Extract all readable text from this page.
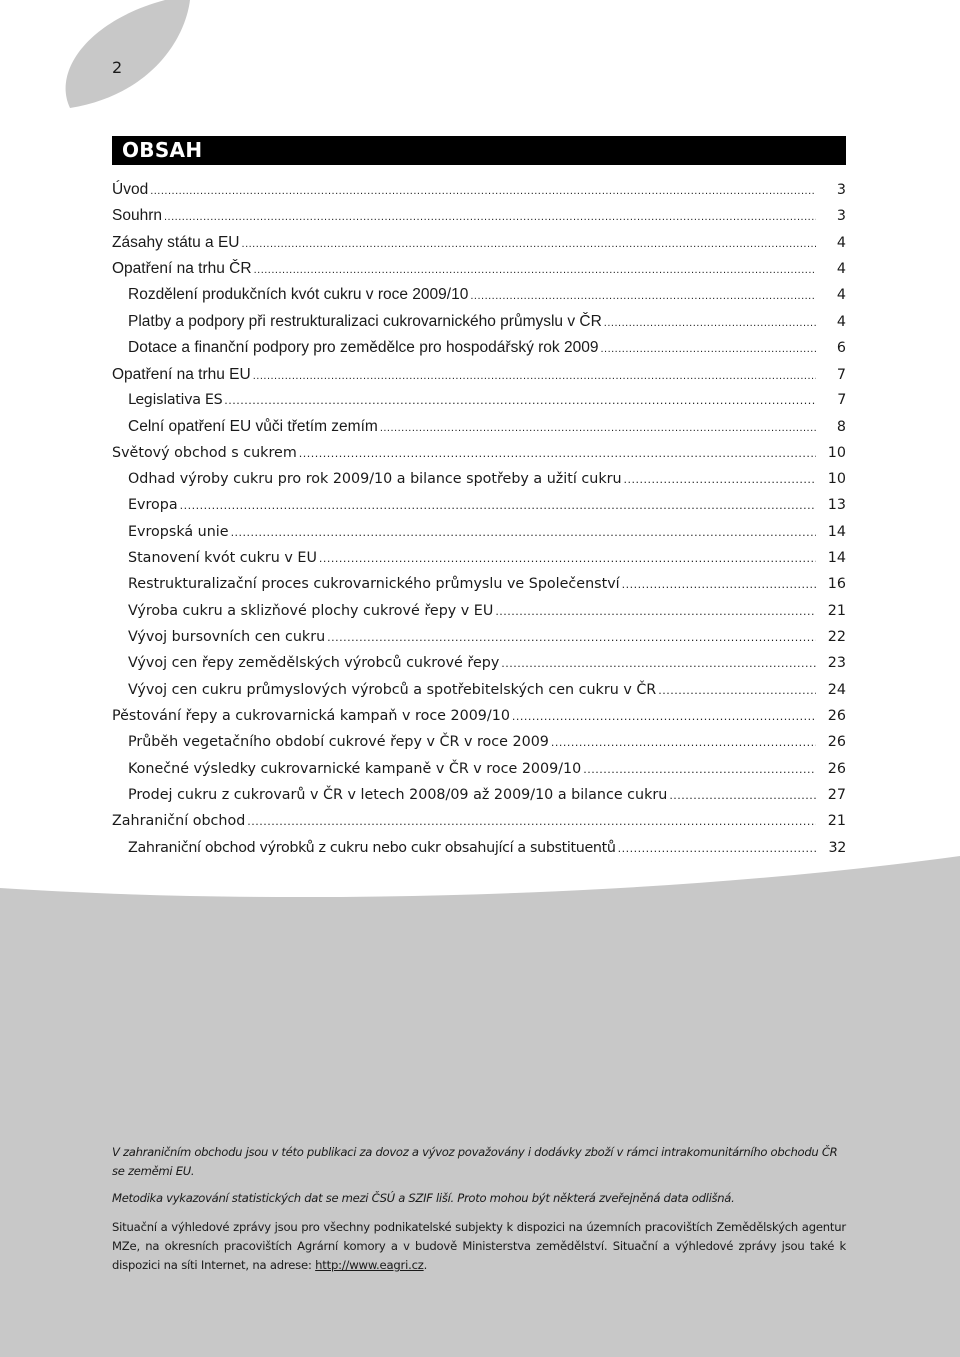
2
OBSAH
Úvod .....	3
Souhrn .....	3
Zásahy státu a EU .....	4
Opatření na trhu ČR .....	4
Rozdělení produkčních kvót cukru v roce 2009/10 .....	4
Platby a podpory při restrukturalizaci cukrovarnického průmyslu v ČR .....	4
Dotace a finanční podpory pro zemědělce pro hospodářský rok 2009 .....	6
Opatření na trhu EU .....	7
Legislativa ES .....	7
Celní opatření EU vůči třetím zemím .....	8
Světový obchod s cukrem .....	10
Odhad výroby cukru pro rok 2009/10 a bilance spotřeby a užití cukru .....	10
Evropa .....	13
Evropská unie .....	14
Stanovení kvót cukru v EU .....	14
Restrukturalizační proces cukrovarnického průmyslu ve Společenství .....	16
Výroba cukru a sklizňové plochy cukrové řepy v EU .....	21
Vývoj bursovních cen cukru .....	22
Vývoj cen řepy zemědělských výrobců cukrové řepy .....	23
Vývoj cen cukru průmyslových výrobců a spotřebitelských cen cukru v ČR .....	24
Pěstování řepy a cukrovarnická kampaň v roce 2009/10 .....	26
Průběh vegetačního období cukrové řepy v ČR v roce 2009 .....	26
Konečné výsledky cukrovarnické kampaně v ČR v roce 2009/10 .....	26
Prodej cukru z cukrovarů v ČR v letech 2008/09 až 2009/10 a bilance cukru .....	27
Zahraniční obchod .....	21
Zahraniční obchod výrobků z cukru nebo cukr obsahující a substituentů .....	32
V zahraničním obchodu jsou v této publikaci za dovoz a vývoz považovány i dodávky zboží v rámci intrakomunitárního obchodu ČR se zeměmi EU.
Metodika vykazování statistických dat se mezi ČSÚ a SZIF liší. Proto mohou být některá zveřejněná data odlišná.
Situační a výhledové zprávy jsou pro všechny podnikatelské subjekty k dispozici na územních pracovištích Zemědělských agentur MZe, na okresních pracovištích Agrární komory a v budově Ministerstva zemědělství. Situační a výhledové zprávy jsou také k dispozici na síti Internet, na adrese: http://www.eagri.cz.
